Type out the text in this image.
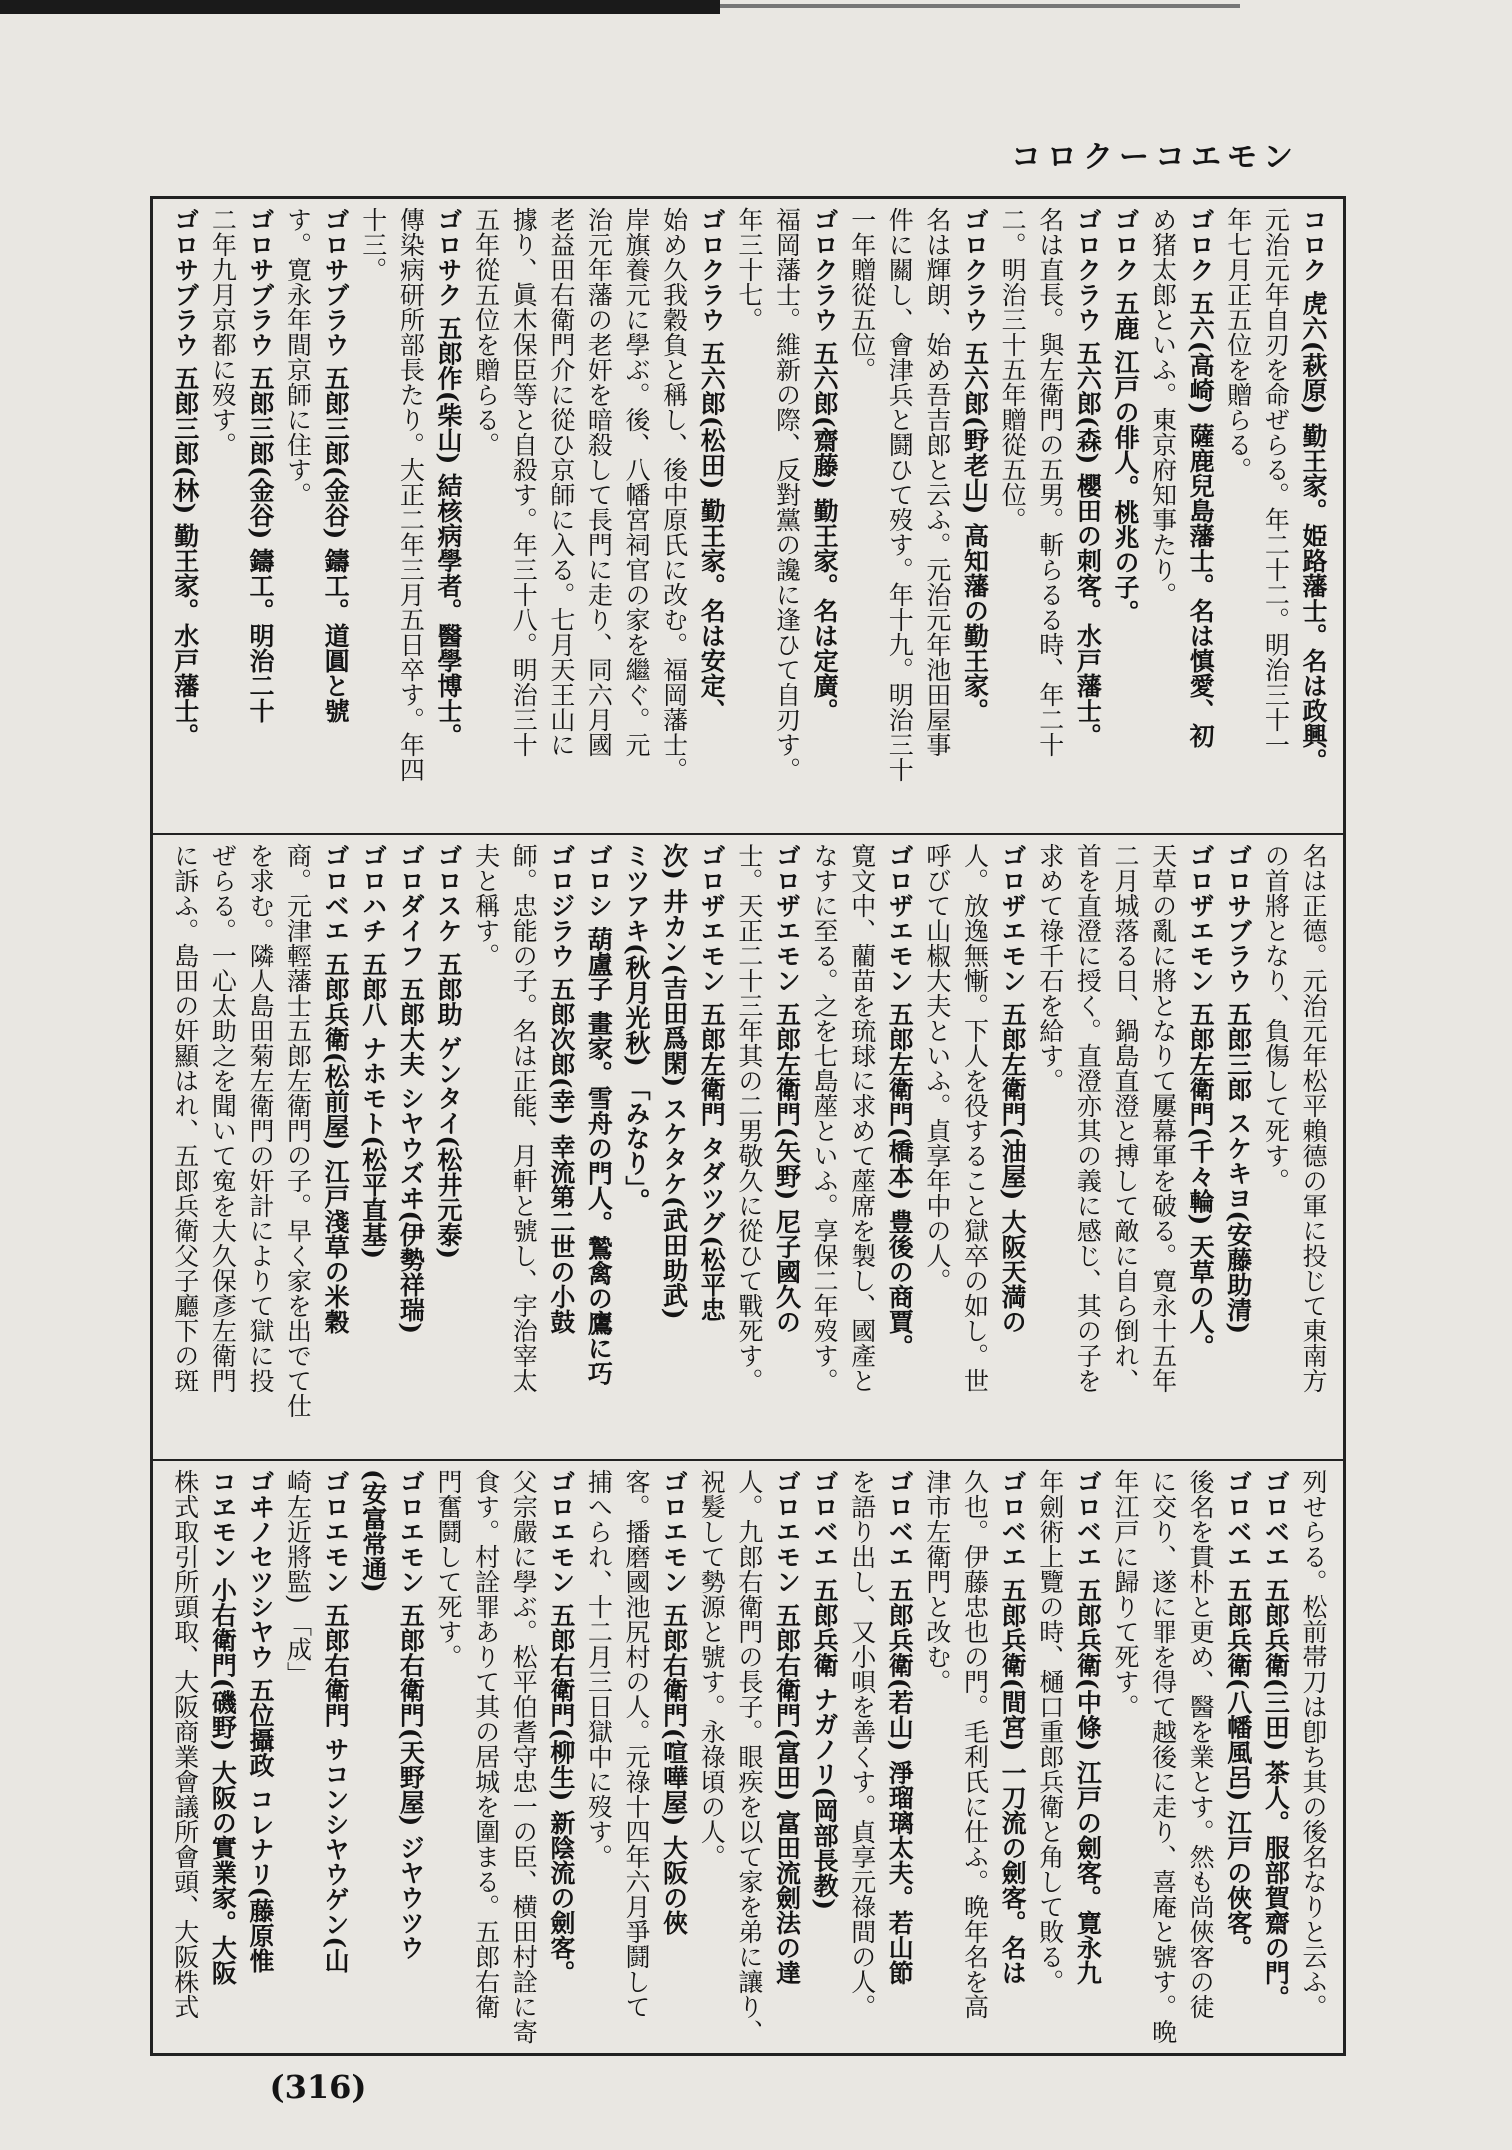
コロクーコエモン
コロク 虎六(萩原) 勤王家。姫路藩士。名は政興。
元治元年自刃を命ぜらる。年二十二。明治三十一
年七月正五位を贈らる。
ゴロク 五六(高崎) 薩鹿兒島藩士。名は慎愛、初
め猪太郎といふ。東京府知事たり。
ゴロク 五鹿 江戸の俳人。桃兆の子。
ゴロクラウ 五六郎(森) 櫻田の刺客。水戸藩士。
名は直長。與左衛門の五男。斬らるる時、年二十
二。明治三十五年贈從五位。
ゴロクラウ 五六郎(野老山) 高知藩の勤王家。
名は輝朗、始め吾吉郎と云ふ。元治元年池田屋事
件に關し、會津兵と鬪ひて歿す。年十九。明治三十
一年贈從五位。
ゴロクラウ 五六郎(齋藤) 勤王家。名は定廣。
福岡藩士。維新の際、反對黨の讒に逢ひて自刃す。
年三十七。
ゴロクラウ 五六郎(松田) 勤王家。名は安定、
始め久我穀負と稱し、後中原氏に改む。福岡藩士。
岸旗養元に學ぶ。後、八幡宮祠官の家を繼ぐ。元
治元年藩の老奸を暗殺して長門に走り、同六月國
老益田右衛門介に從ひ京師に入る。七月天王山に
據り、眞木保臣等と自殺す。年三十八。明治三十
五年從五位を贈らる。
ゴロサク 五郎作(柴山) 結核病學者。醫學博士。
傳染病研所部長たり。大正二年三月五日卒す。年四
十三。
ゴロサブラウ 五郎三郎(金谷) 鑄工。道圓と號
す。寛永年間京師に住す。
ゴロサブラウ 五郎三郎(金谷) 鑄工。明治二十
二年九月京都に歿す。
ゴロサブラウ 五郎三郎(林) 勤王家。水戸藩士。
名は正德。元治元年松平賴德の軍に投じて東南方
の首將となり、負傷して死す。
ゴロサブラウ 五郎三郎 スケキヨ(安藤助清)
ゴロザエモン 五郎左衛門(千々輪) 天草の人。
天草の亂に將となりて屢幕軍を破る。寛永十五年
二月城落る日、鍋島直澄と搏して敵に自ら倒れ、
首を直澄に授く。直澄亦其の義に感じ、其の子を
求めて祿千石を給す。
ゴロザエモン 五郎左衛門(油屋) 大阪天満の
人。放逸無慚。下人を役すること獄卒の如し。世
呼びて山椒大夫といふ。貞享年中の人。
ゴロザエモン 五郎左衛門(橋本) 豊後の商賈。
寛文中、藺苗を琉球に求めて蓙席を製し、國產と
なすに至る。之を七島蓙といふ。享保二年歿す。
ゴロザエモン 五郎左衛門(矢野) 尼子國久の
士。天正二十三年其の二男敬久に從ひて戰死す。
ゴロザエモン 五郎左衛門 タダツグ(松平忠
次) 井カン(吉田爲閑) スケタケ(武田助武)
ミツアキ(秋月光秋) 「みなり」。
ゴロシ 葫盧子 畫家。雪舟の門人。鷙禽の鷹に巧
ゴロジラウ 五郎次郎(幸) 幸流第二世の小鼓
師。忠能の子。名は正能、月軒と號し、宇治宰太
夫と稱す。
ゴロスケ 五郎助 ゲンタイ(松井元泰)
ゴロダイフ 五郎大夫 シヤウズヰ(伊勢祥瑞)
ゴロハチ 五郎八 ナホモト(松平直基)
ゴロベエ 五郎兵衛(松前屋) 江戸淺草の米穀
商。元津輕藩士五郎左衛門の子。早く家を出でて仕
を求む。隣人島田菊左衛門の奸計によりて獄に投
ぜらる。一心太助之を聞いて寃を大久保彥左衛門
に訴ふ。島田の奸顯はれ、五郎兵衛父子廳下の斑
列せらる。松前帯刀は卽ち其の後名なりと云ふ。
ゴロベエ 五郎兵衛(三田) 茶人。服部賀齋の門。
ゴロベエ 五郎兵衛(八幡風呂) 江戸の俠客。
後名を貫朴と更め、醫を業とす。然も尚俠客の徒
に交り、遂に罪を得て越後に走り、喜庵と號す。晩
年江戸に歸りて死す。
ゴロベエ 五郎兵衛(中條) 江戸の劍客。寛永九
年劍術上覽の時、樋口重郎兵衛と角して敗る。
ゴロベエ 五郎兵衛(間宮) 一刀流の劍客。名は
久也。伊藤忠也の門。毛利氏に仕ふ。晩年名を高
津市左衛門と改む。
ゴロベエ 五郎兵衛(若山) 淨瑠璃太夫。若山節
を語り出し、又小唄を善くす。貞享元祿間の人。
ゴロベエ 五郎兵衛 ナガノリ(岡部長教)
ゴロエモン 五郎右衛門(富田) 富田流劍法の達
人。九郎右衛門の長子。眼疾を以て家を弟に讓り、
祝髮して勢源と號す。永祿頃の人。
ゴロエモン 五郎右衛門(喧嘩屋) 大阪の俠
客。播磨國池尻村の人。元祿十四年六月爭鬪して
捕へられ、十二月三日獄中に歿す。
ゴロエモン 五郎右衛門(柳生) 新陰流の劍客。
父宗嚴に學ぶ。松平伯耆守忠一の臣、横田村詮に寄
食す。村詮罪ありて其の居城を圍まる。五郎右衛
門奮鬪して死す。
ゴロエモン 五郎右衛門(天野屋) ジヤウツウ
(安富常通)
ゴロエモン 五郎右衛門 サコンシヤウゲン(山
崎左近將監) 「成」
ゴヰノセツシヤウ 五位攝政 コレナリ(藤原惟
コヱモン 小右衛門(磯野) 大阪の實業家。大阪
株式取引所頭取、大阪商業會議所會頭、大阪株式
(316)
